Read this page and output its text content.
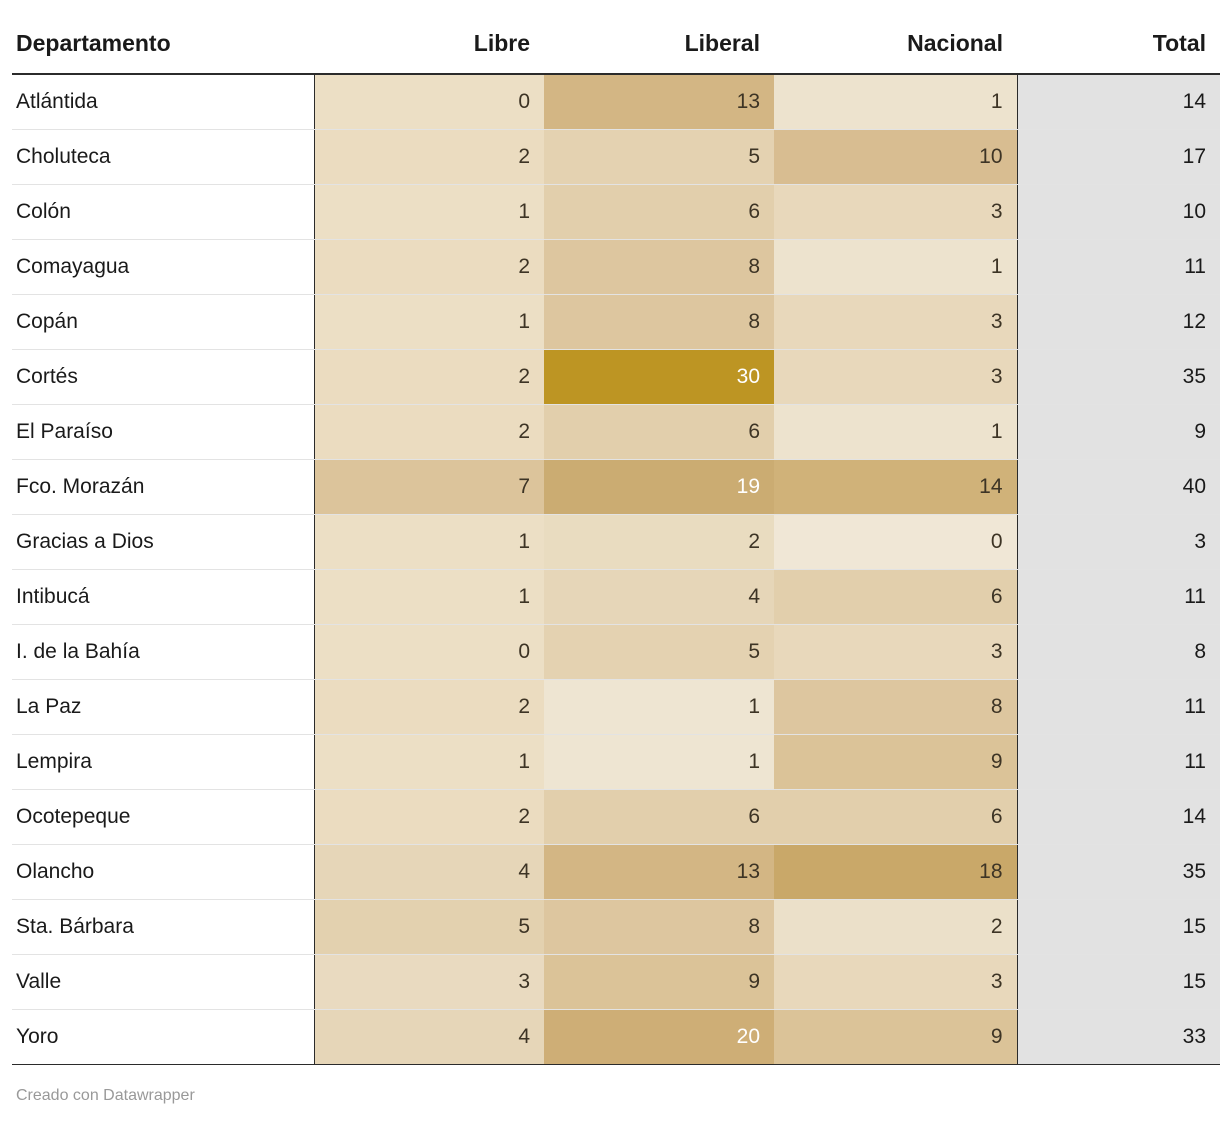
Departamento	Libre	Liberal	Nacional	Total
Atlántida	0	13	1	14
Choluteca	2	5	10	17
Colón	1	6	3	10
Comayagua	2	8	1	11
Copán	1	8	3	12
Cortés	2	30	3	35
El Paraíso	2	6	1	9
Fco. Morazán	7	19	14	40
Gracias a Dios	1	2	0	3
Intibucá	1	4	6	11
I. de la Bahía	0	5	3	8
La Paz	2	1	8	11
Lempira	1	1	9	11
Ocotepeque	2	6	6	14
Olancho	4	13	18	35
Sta. Bárbara	5	8	2	15
Valle	3	9	3	15
Yoro	4	20	9	33
Creado con Datawrapper
